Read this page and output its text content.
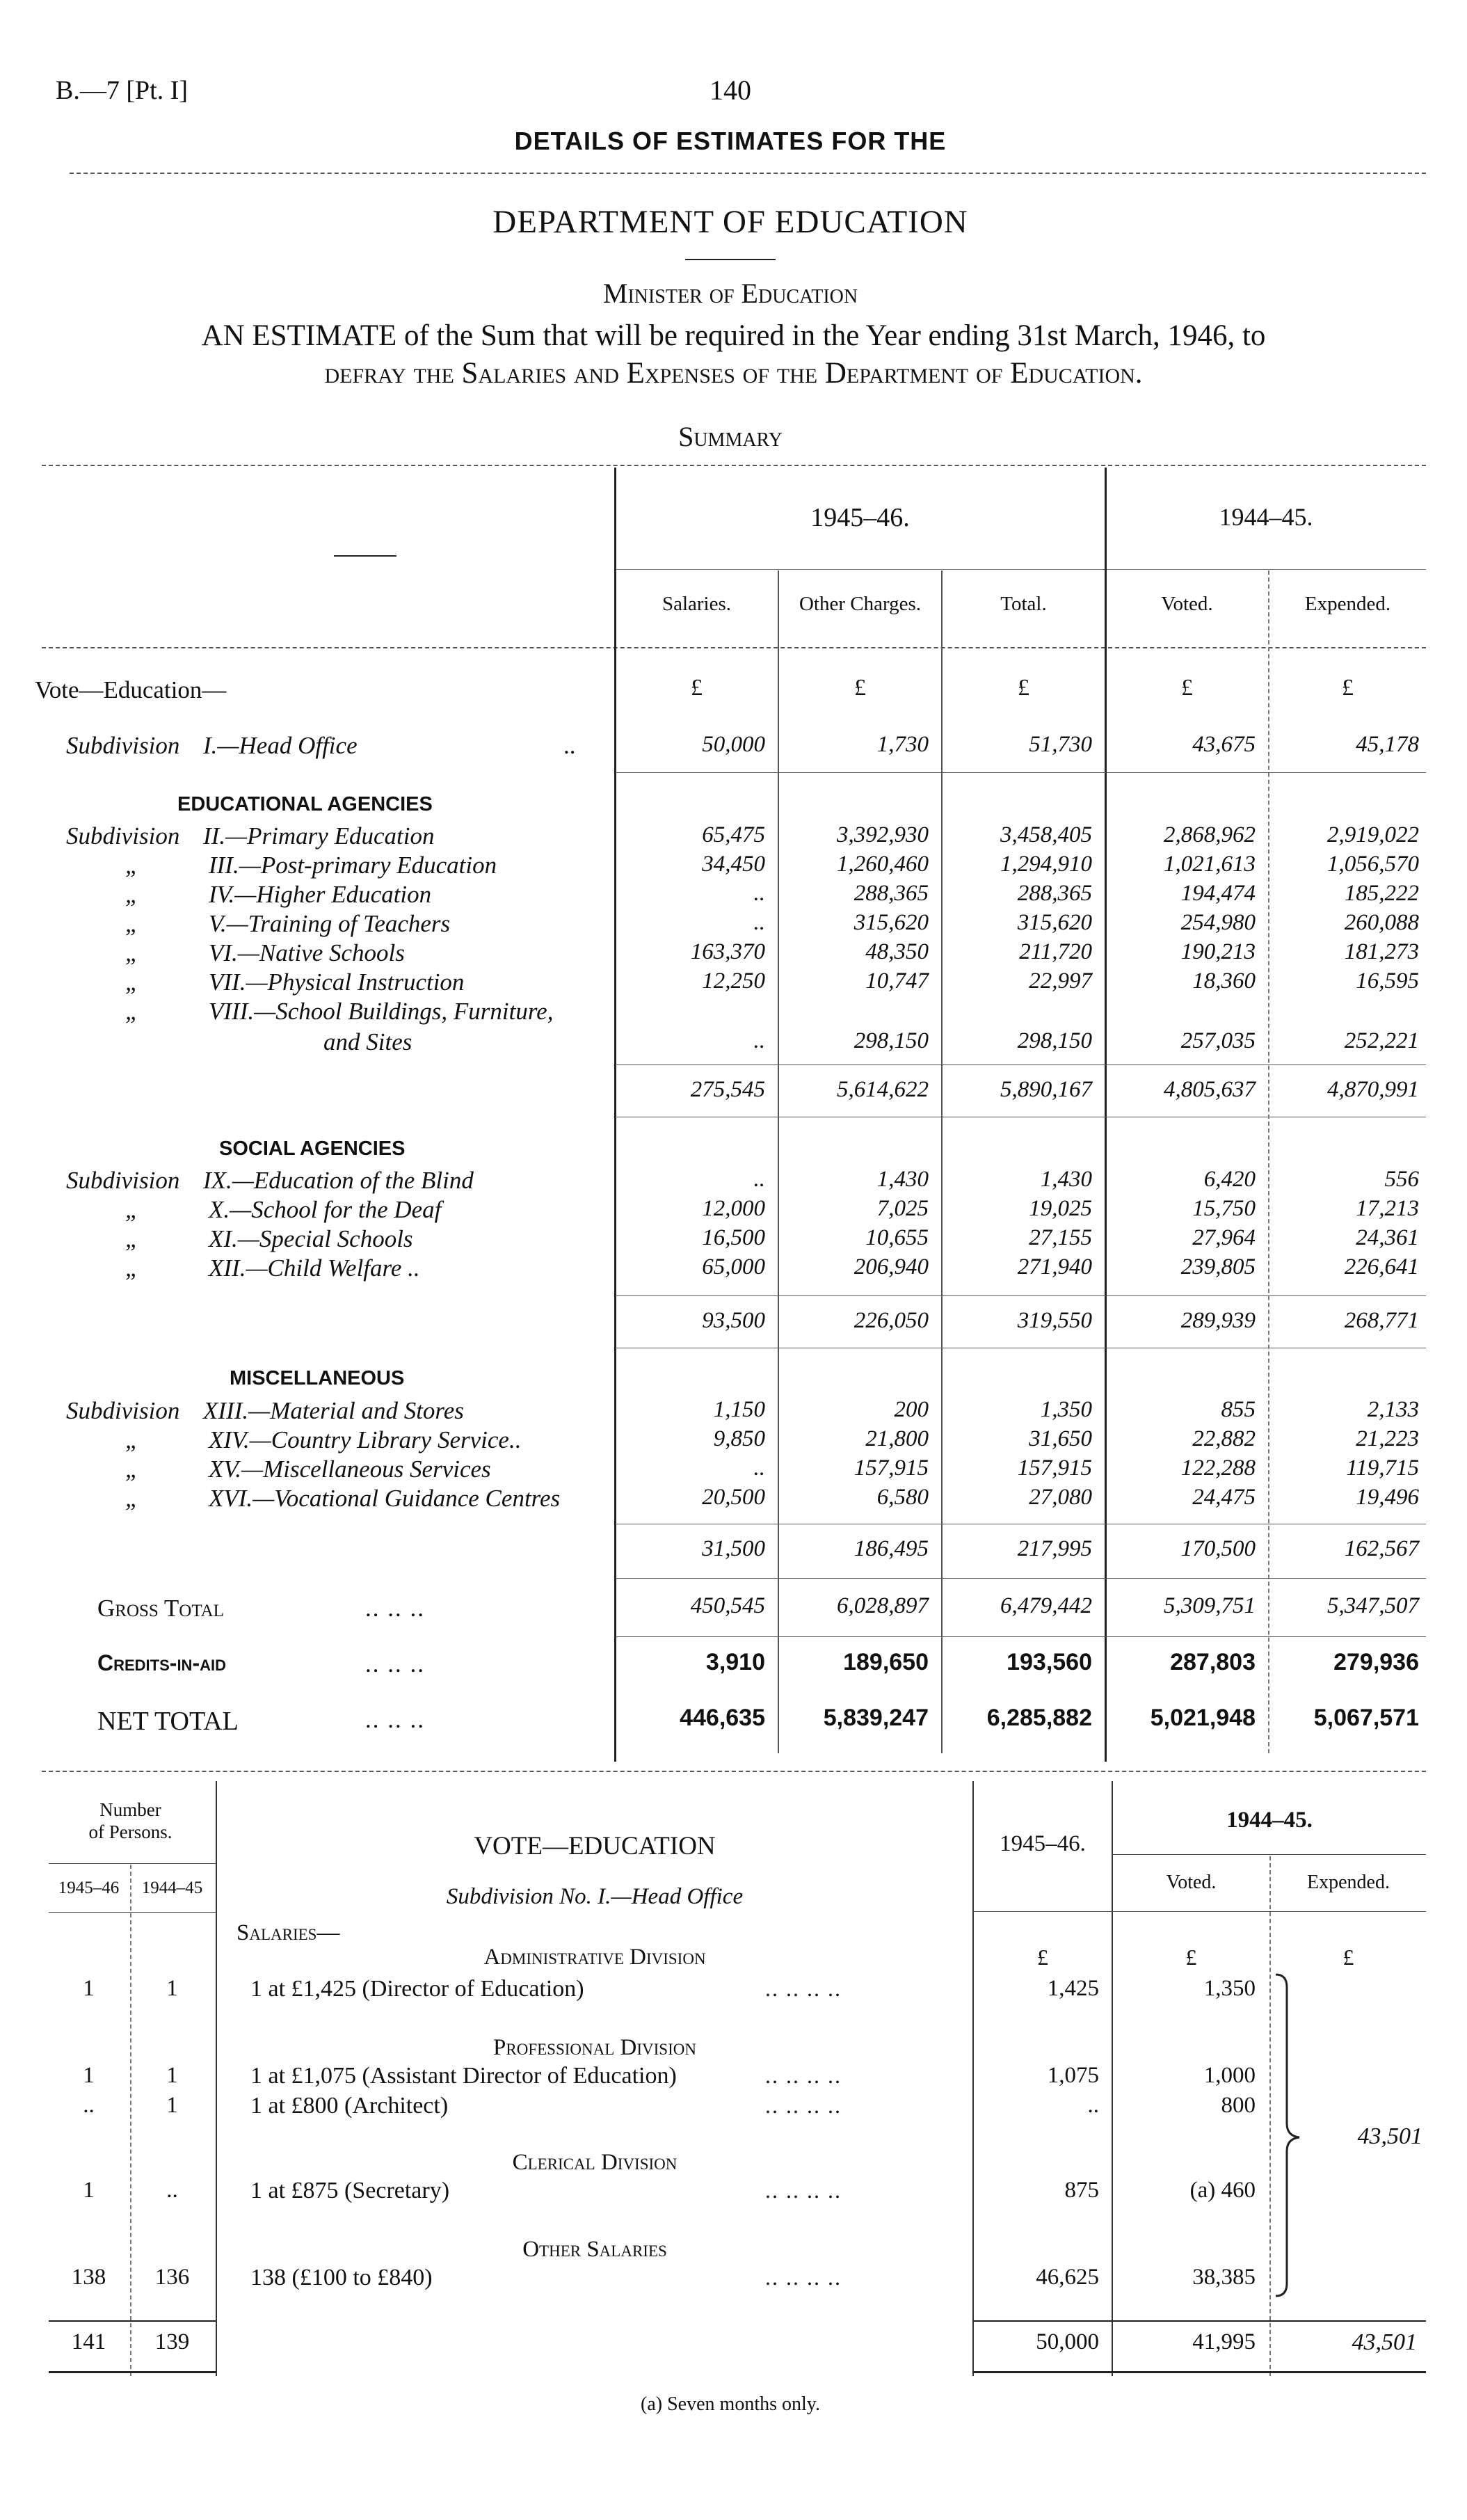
B.—7 [Pt. I]	140
DETAILS OF ESTIMATES FOR THE
DEPARTMENT OF EDUCATION
Minister of Education
AN ESTIMATE of the Sum that will be required in the Year ending 31st March, 1946, to
defray the Salaries and Expenses of the Department of Education.
Summary
1945–46.	1944–45.
Salaries.	Other Charges.	Total.	Voted.	Expended.
Vote—Education—	£	£	£	£	£
Subdivision I.—Head Office	..	50,000	1,730	51,730	43,675	45,178
EDUCATIONAL AGENCIES
Subdivision II.—Primary Education	65,475	3,392,930	3,458,405	2,868,962	2,919,022
„	III.—Post-primary Education	34,450	1,260,460	1,294,910	1,021,613	1,056,570
„	IV.—Higher Education	..	288,365	288,365	194,474	185,222
„	V.—Training of Teachers	..	315,620	315,620	254,980	260,088
„	VI.—Native Schools	163,370	48,350	211,720	190,213	181,273
„	VII.—Physical Instruction	12,250	10,747	22,997	18,360	16,595
„	VIII.—School Buildings, Furniture,
and Sites	..	298,150	298,150	257,035	252,221
275,545	5,614,622	5,890,167	4,805,637	4,870,991
SOCIAL AGENCIES
Subdivision IX.—Education of the Blind	..	1,430	1,430	6,420	556
„	X.—School for the Deaf	12,000	7,025	19,025	15,750	17,213
„	XI.—Special Schools	16,500	10,655	27,155	27,964	24,361
„	XII.—Child Welfare ..	65,000	206,940	271,940	239,805	226,641
93,500	226,050	319,550	289,939	268,771
MISCELLANEOUS
Subdivision XIII.—Material and Stores	1,150	200	1,350	855	2,133
„	XIV.—Country Library Service..	9,850	21,800	31,650	22,882	21,223
„	XV.—Miscellaneous Services	..	157,915	157,915	122,288	119,715
„	XVI.—Vocational Guidance Centres	20,500	6,580	27,080	24,475	19,496
31,500	186,495	217,995	170,500	162,567
Gross Total	.. .. ..	450,545	6,028,897	6,479,442	5,309,751	5,347,507
Credits-in-aid	.. .. ..	3,910	189,650	193,560	287,803	279,936
NET TOTAL	.. .. ..	446,635	5,839,247	6,285,882	5,021,948	5,067,571
Number
of Persons.
1945–46	1944–45
VOTE—EDUCATION
Subdivision No. I.—Head Office
1945–46.
1944–45.
Voted.	Expended.
Salaries—
£	£	£
Administrative Division
Professional Division
Clerical Division
Other Salaries
1	1	1 at £1,425 (Director of Education)	.. .. .. ..	1,425	1,350
1	1	1 at £1,075 (Assistant Director of Education)	.. .. .. ..	1,075	1,000
..	1	1 at £800 (Architect)	.. .. .. ..	..	800
1	..	1 at £875 (Secretary)	.. .. .. ..	875	(a) 460
138	136	138 (£100 to £840)	.. .. .. ..	46,625	38,385
43,501
141	139	50,000	41,995	43,501
(a) Seven months only.
